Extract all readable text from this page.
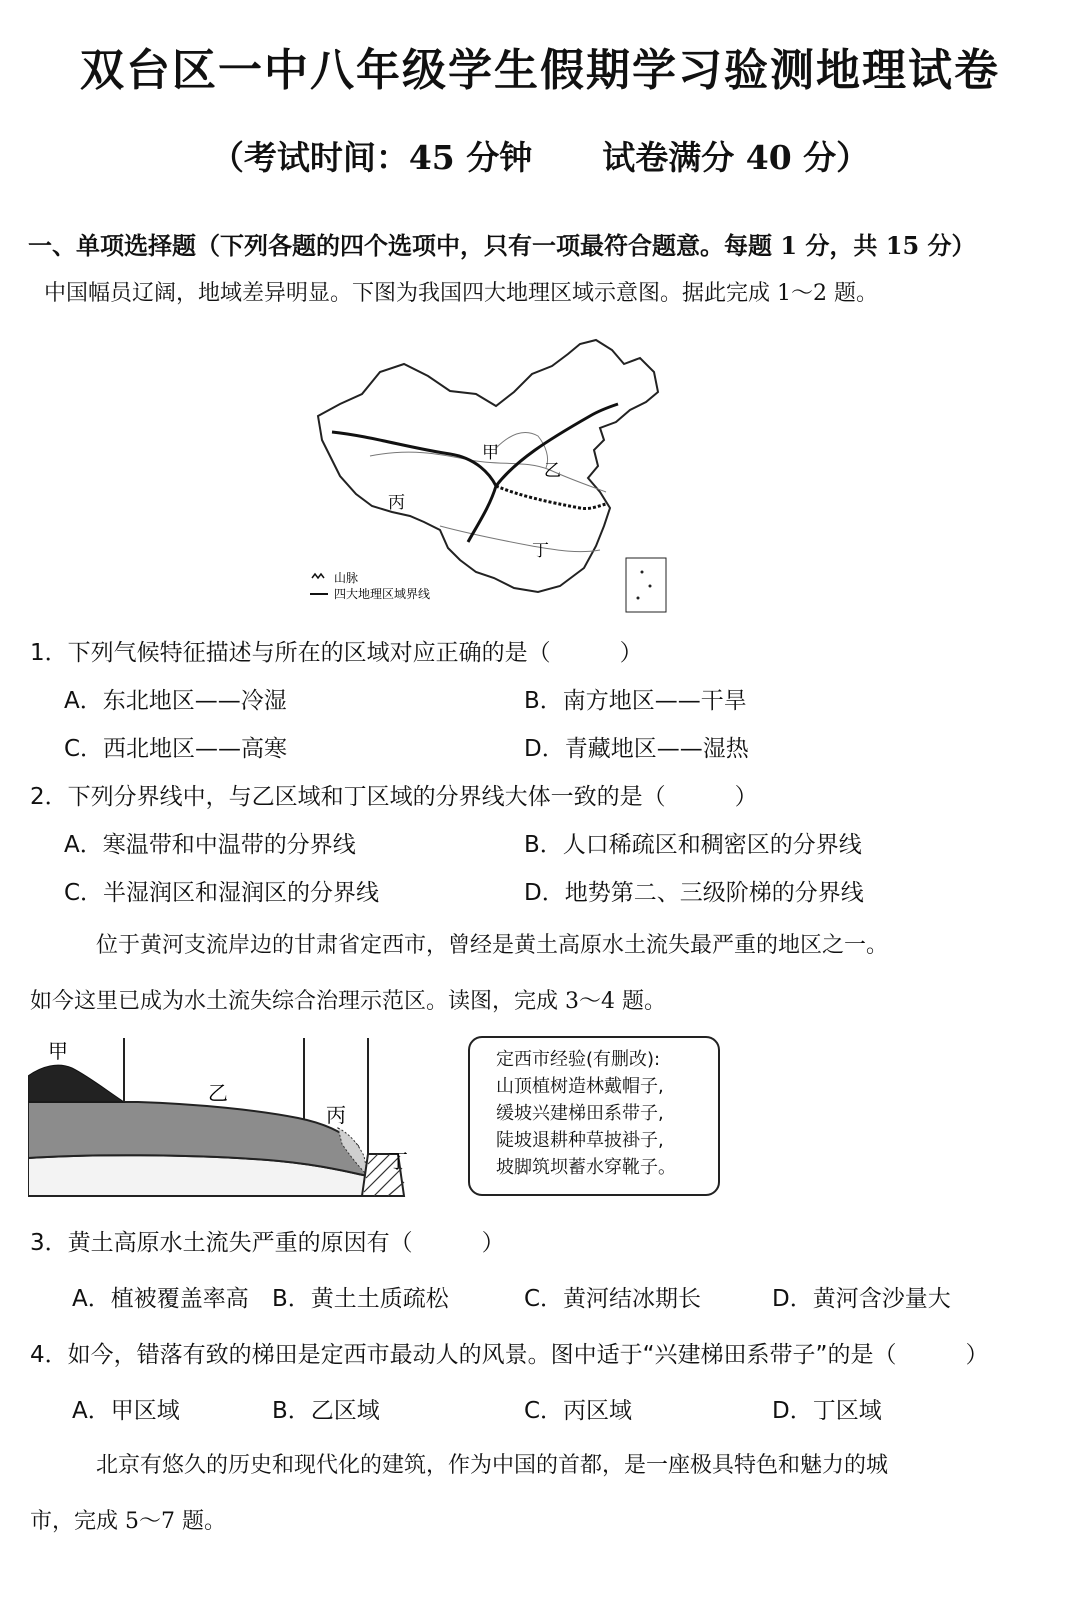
双台区一中八年级学生假期学习验测地理试卷
（考试时间：45 分钟 试卷满分 40 分）
一、单项选择题（下列各题的四个选项中，只有一项最符合题意。每题 1 分，共 15 分）
中国幅员辽阔，地域差异明显。下图为我国四大地理区域示意图。据此完成 1～2 题。
甲
乙
丙
丁
山脉
四大地理区域界线
1．下列气候特征描述与所在的区域对应正确的是（　　　）
A．东北地区——冷湿	B．南方地区——干旱
C．西北地区——高寒	D．青藏地区——湿热
2．下列分界线中，与乙区域和丁区域的分界线大体一致的是（　　　）
A．寒温带和中温带的分界线	B．人口稀疏区和稠密区的分界线
C．半湿润区和湿润区的分界线	D．地势第二、三级阶梯的分界线
位于黄河支流岸边的甘肃省定西市，曾经是黄土高原水土流失最严重的地区之一。
如今这里已成为水土流失综合治理示范区。读图，完成 3～4 题。
甲
乙
丙
丁
定西市经验(有删改):
山顶植树造林戴帽子,
缓坡兴建梯田系带子,
陡坡退耕种草披褂子,
坡脚筑坝蓄水穿靴子。
3．黄土高原水土流失严重的原因有（　　　）
A．植被覆盖率高 B．黄土土质疏松	C．黄河结冰期长	D．黄河含沙量大
4．如今，错落有致的梯田是定西市最动人的风景。图中适于“兴建梯田系带子”的是（　　　）
A．甲区域	B．乙区域	C．丙区域	D．丁区域
北京有悠久的历史和现代化的建筑，作为中国的首都，是一座极具特色和魅力的城
市，完成 5～7 题。
